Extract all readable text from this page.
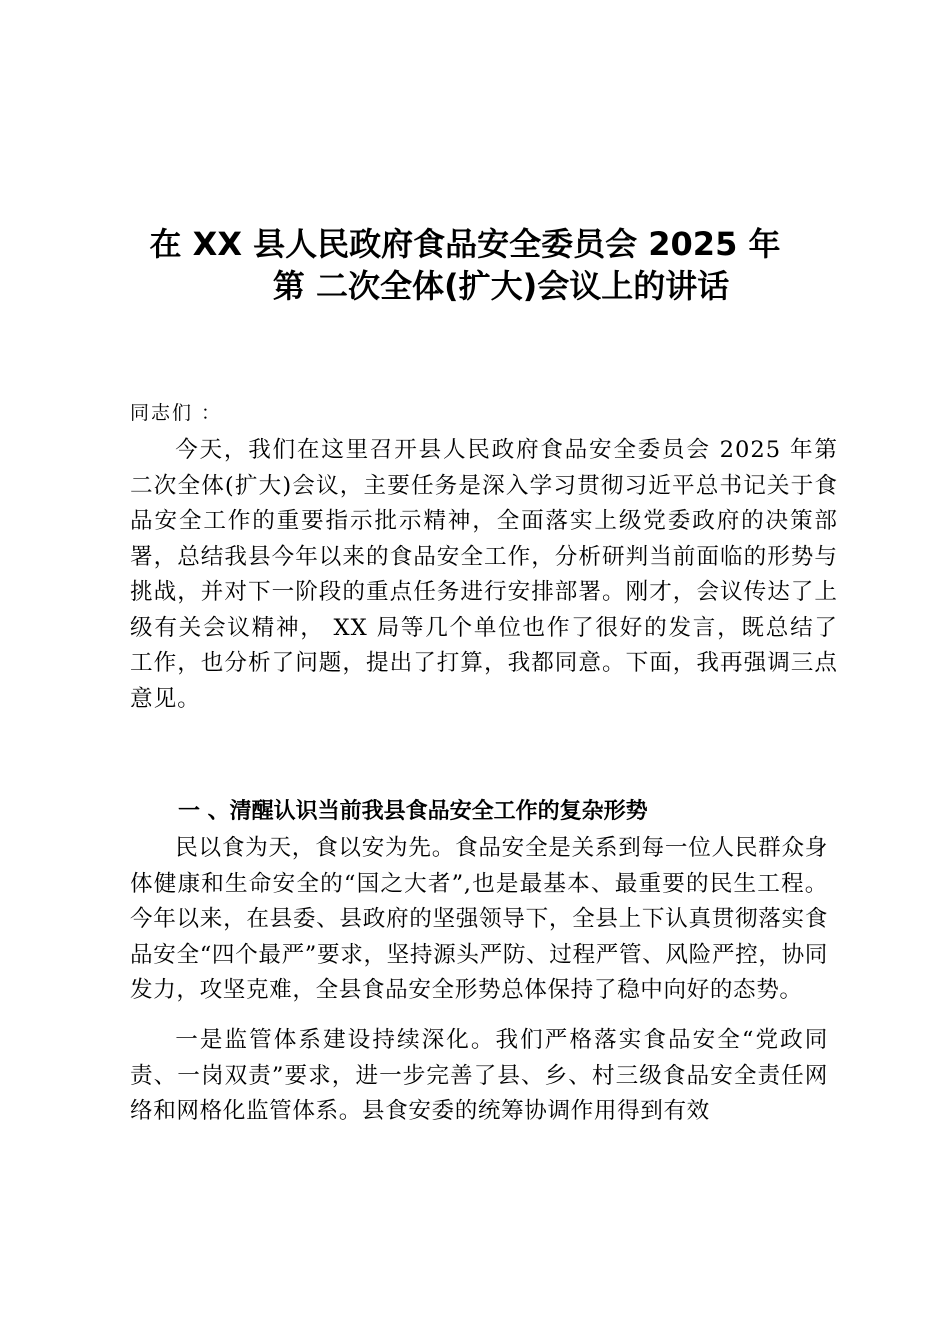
在 XX 县人民政府食品安全委员会 2025 年
第 二次全体(扩大)会议上的讲话

同志们 ：

今天，我们在这里召开县人民政府食品安全委员会 2025 年第二次全体(扩大)会议，主要任务是深入学习贯彻习近平总书记关于食品安全工作的重要指示批示精神，全面落实上级党委政府的决策部署，总结我县今年以来的食品安全工作，分析研判当前面临的形势与挑战，并对下一阶段的重点任务进行安排部署。刚才，会议传达了上级有关会议精神， XX 局等几个单位也作了很好的发言，既总结了工作，也分析了问题，提出了打算，我都同意。下面，我再强调三点意见。

一 、清醒认识当前我县食品安全工作的复杂形势

民以食为天，食以安为先。食品安全是关系到每一位人民群众身体健康和生命安全的“国之大者”,也是最基本、最重要的民生工程。今年以来，在县委、县政府的坚强领导下，全县上下认真贯彻落实食品安全“四个最严”要求，坚持源头严防、过程严管、风险严控，协同发力，攻坚克难，全县食品安全形势总体保持了稳中向好的态势。

一是监管体系建设持续深化。我们严格落实食品安全“党政同责、一岗双责”要求，进一步完善了县、乡、村三级食品安全责任网络和网格化监管体系。县食安委的统筹协调作用得到有效
